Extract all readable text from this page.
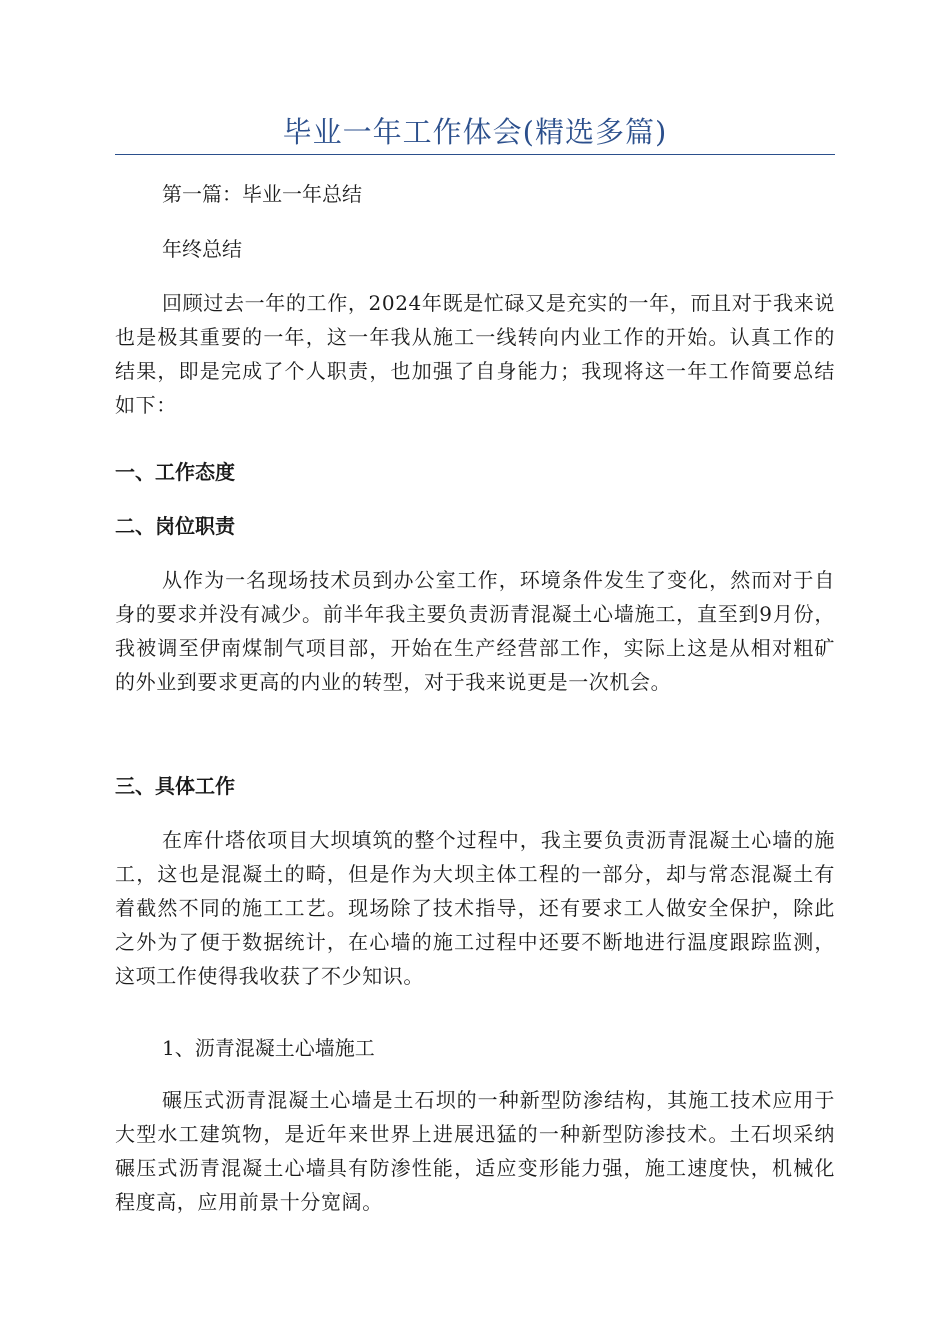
毕业一年工作体会(精选多篇)
第一篇：毕业一年总结
年终总结
回顾过去一年的工作，2024年既是忙碌又是充实的一年，而且对于我来说也是极其重要的一年，这一年我从施工一线转向内业工作的开始。认真工作的结果，即是完成了个人职责，也加强了自身能力；我现将这一年工作简要总结如下：
一、工作态度
二、岗位职责
从作为一名现场技术员到办公室工作，环境条件发生了变化，然而对于自身的要求并没有减少。前半年我主要负责沥青混凝土心墙施工，直至到9月份，我被调至伊南煤制气项目部，开始在生产经营部工作，实际上这是从相对粗矿的外业到要求更高的内业的转型，对于我来说更是一次机会。
三、具体工作
在库什塔依项目大坝填筑的整个过程中，我主要负责沥青混凝土心墙的施工，这也是混凝土的畸，但是作为大坝主体工程的一部分，却与常态混凝土有着截然不同的施工工艺。现场除了技术指导，还有要求工人做安全保护，除此之外为了便于数据统计，在心墙的施工过程中还要不断地进行温度跟踪监测，这项工作使得我收获了不少知识。
1、沥青混凝土心墙施工
碾压式沥青混凝土心墙是土石坝的一种新型防渗结构，其施工技术应用于大型水工建筑物，是近年来世界上进展迅猛的一种新型防渗技术。土石坝采纳碾压式沥青混凝土心墙具有防渗性能，适应变形能力强，施工速度快，机械化程度高，应用前景十分宽阔。
